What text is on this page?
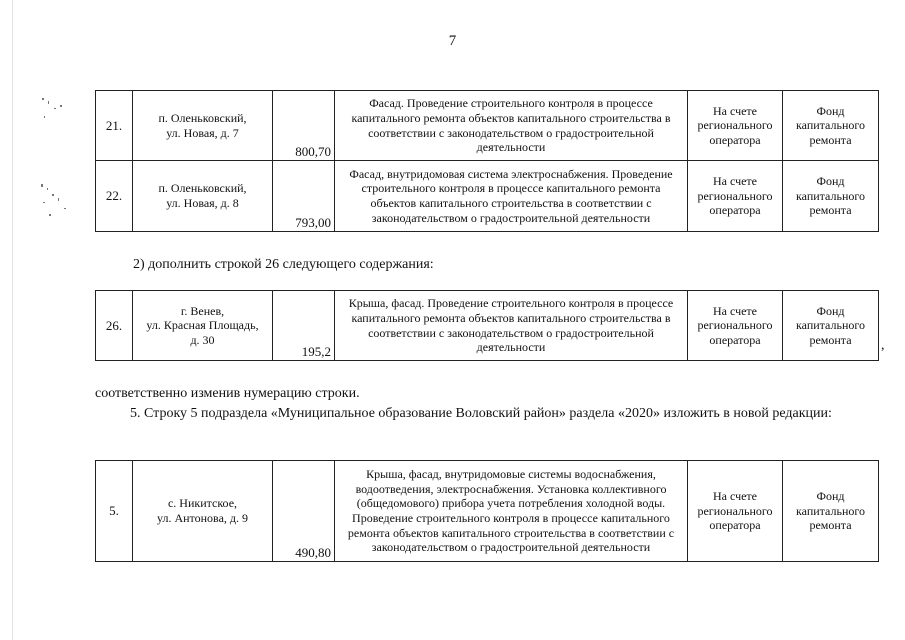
7
21.	п. Оленьковский,
ул. Новая, д. 7	800,70	Фасад. Проведение строительного контроля в процессе капитального ремонта объектов капитального строительства в соответствии с законодательством о градостроительной деятельности	На счете регионального оператора	Фонд капитального ремонта
22.	п. Оленьковский,
ул. Новая, д. 8	793,00	Фасад, внутридомовая система электроснабжения. Проведение строительного контроля в процессе капитального ремонта объектов капитального строительства в соответствии с законодательством о градостроительной деятельности	На счете регионального оператора	Фонд капитального ремонта
2) дополнить строкой 26 следующего содержания:
26.	г. Венев,
ул. Красная Площадь,
д. 30	195,2	Крыша, фасад. Проведение строительного контроля в процессе капитального ремонта объектов капитального строительства в соответствии с законодательством о градостроительной деятельности	На счете регионального оператора	Фонд капитального ремонта ,
соответственно изменив нумерацию строки.
5. Строку 5 подраздела «Муниципальное образование Воловский район» раздела «2020» изложить в новой редакции:
5.	с. Никитское,
ул. Антонова, д. 9	490,80	Крыша, фасад, внутридомовые системы водоснабжения, водоотведения, электроснабжения. Установка коллективного (общедомового) прибора учета потребления холодной воды. Проведение строительного контроля в процессе капитального ремонта объектов капитального строительства в соответствии с законодательством о градостроительной деятельности	На счете регионального оператора	Фонд капитального ремонта
